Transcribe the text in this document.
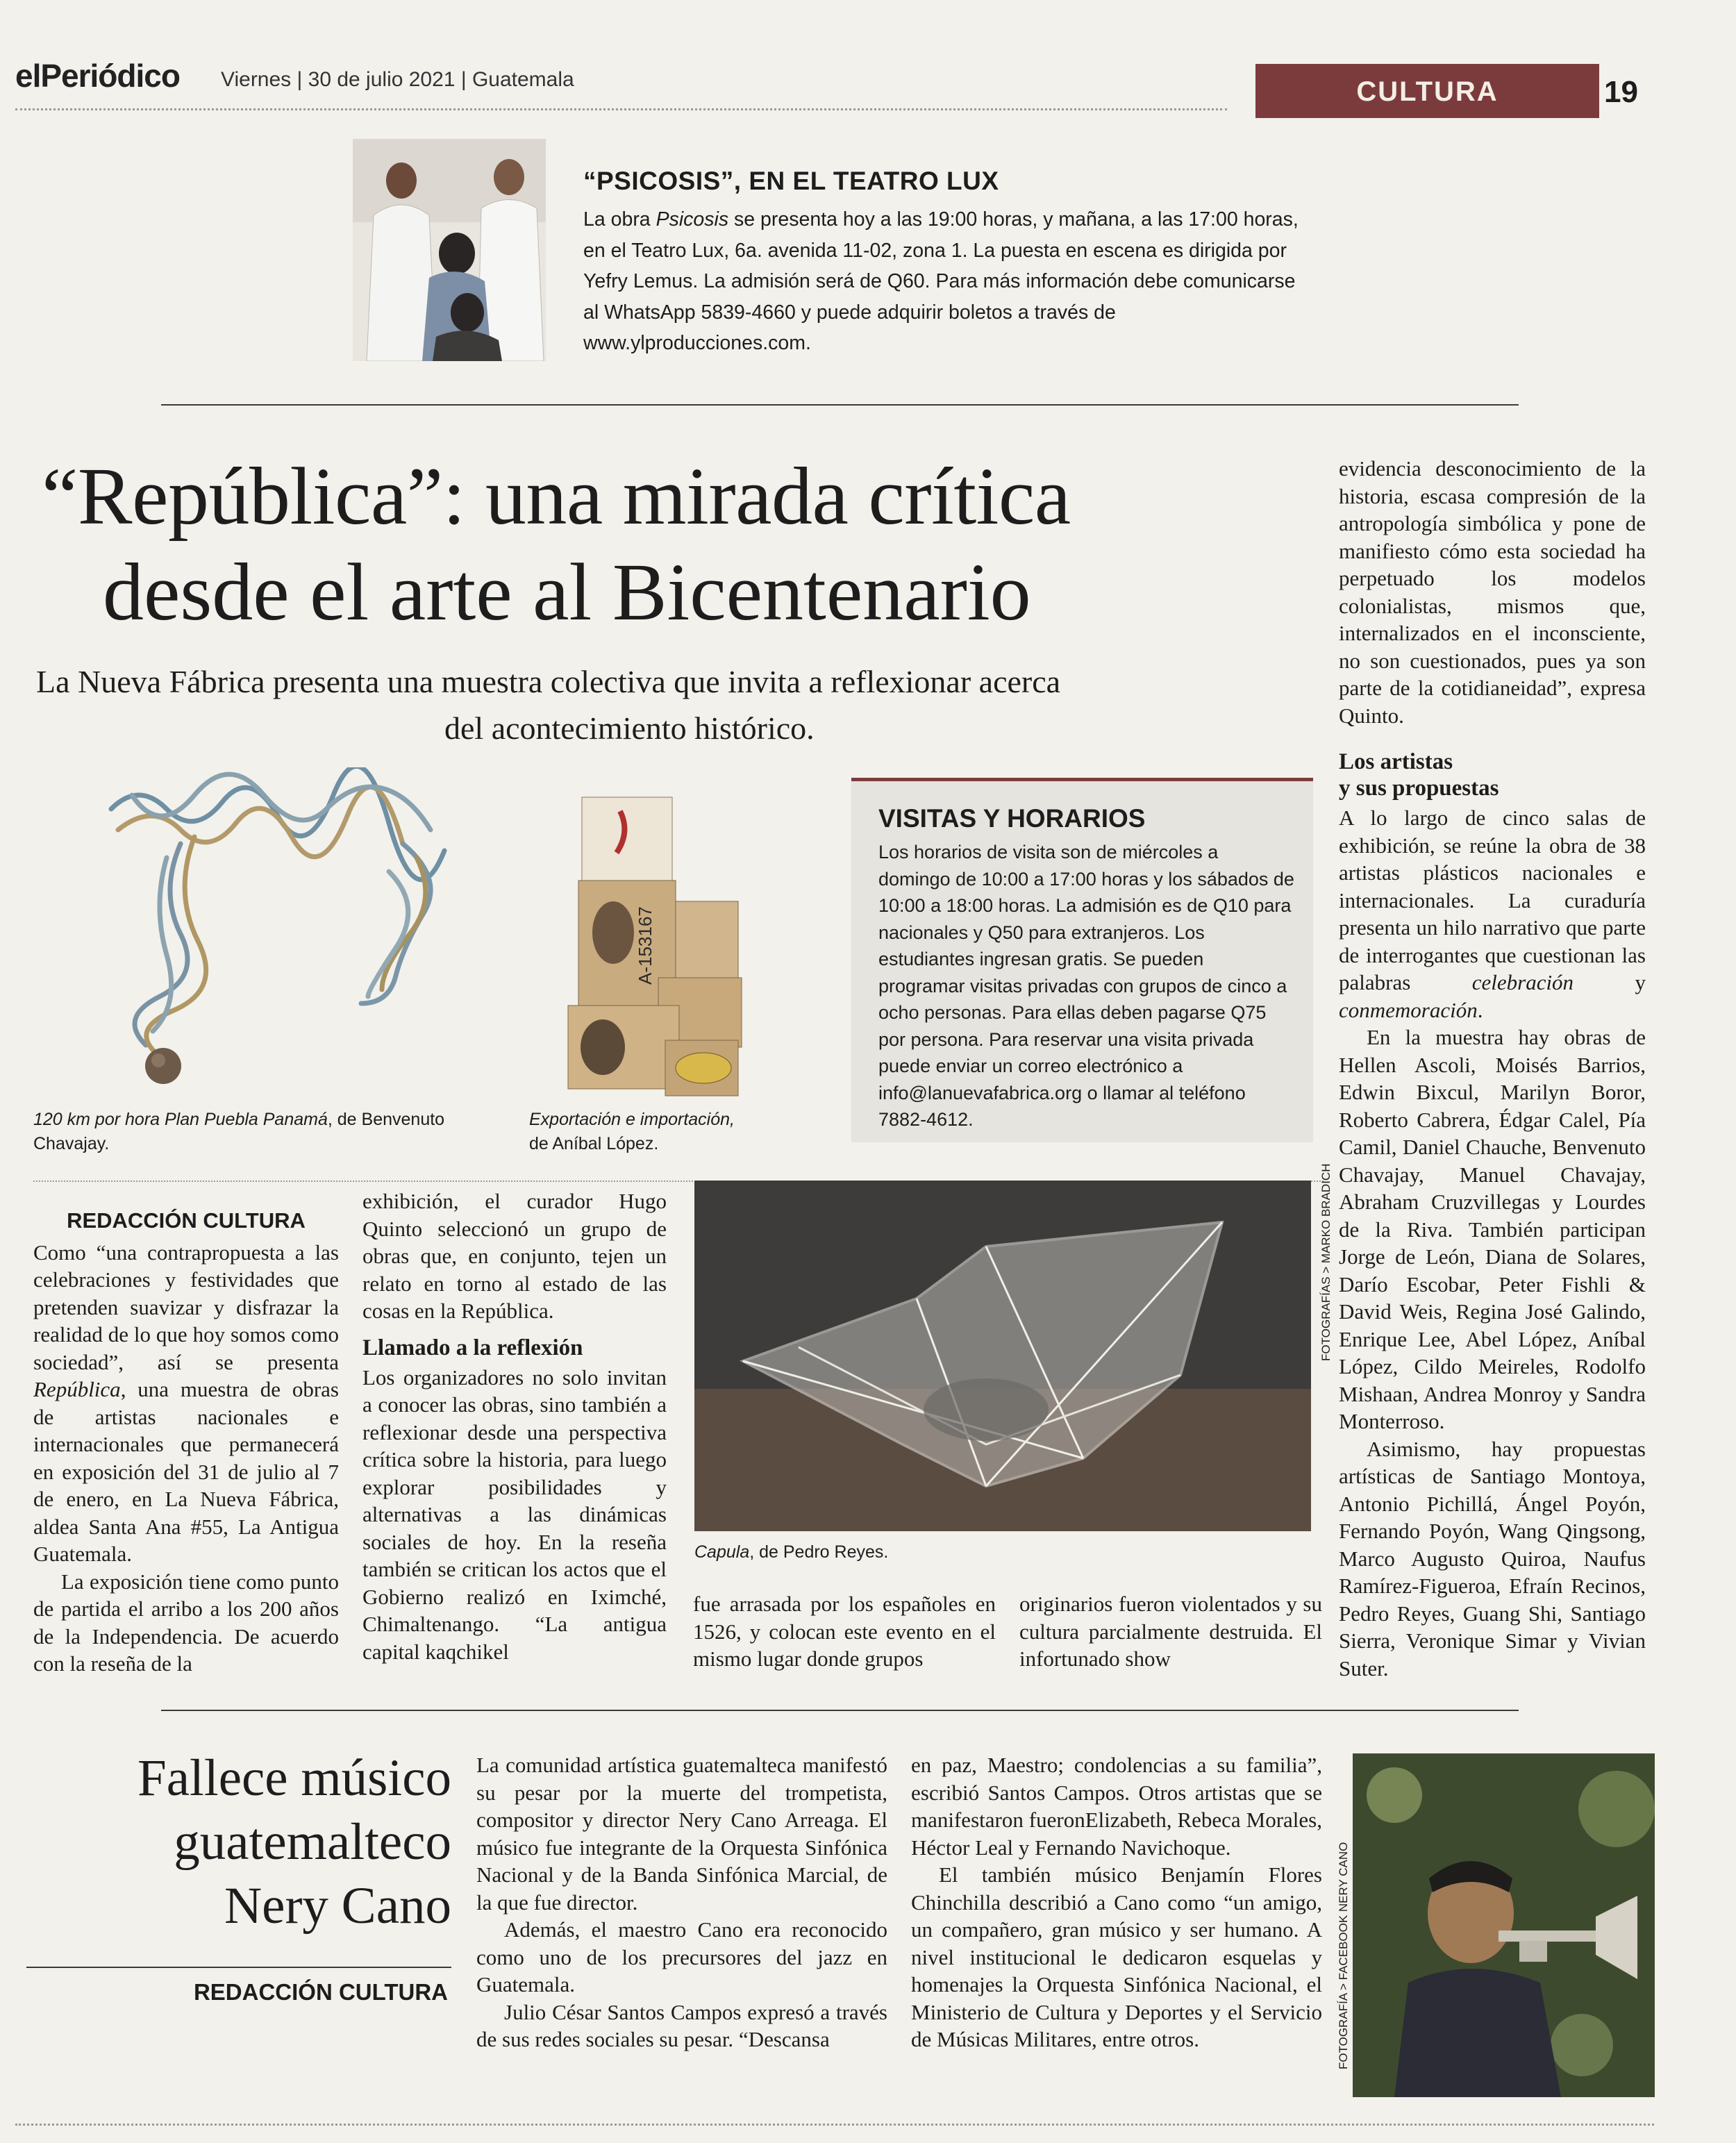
elPeriódico Viernes | 30 de julio 2021 | Guatemala	CULTURA	19
“PSICOSIS”, EN EL TEATRO LUX
La obra Psicosis se presenta hoy a las 19:00 horas, y mañana, a las 17:00 horas, en el Teatro Lux, 6a. avenida 11-02, zona 1. La puesta en escena es dirigida por Yefry Lemus. La admisión será de Q60. Para más información debe comunicarse al WhatsApp 5839-4660 y puede adquirir boletos a través de www.ylproducciones.com.
“República”: una mirada crítica
desde el arte al Bicentenario
La Nueva Fábrica presenta una muestra colectiva que invita a reflexionar acerca
del acontecimiento histórico.
A-153167
120 km por hora Plan Puebla Panamá, de Benvenuto Chavajay.
Exportación e importación,
de Aníbal López.
VISITAS Y HORARIOS
Los horarios de visita son de miércoles a domingo de 10:00 a 17:00 horas y los sábados de 10:00 a 18:00 horas. La admisión es de Q10 para nacionales y Q50 para extranjeros. Los estudiantes ingresan gratis. Se pueden programar visitas privadas con grupos de cinco a ocho personas. Para ellas deben pagarse Q75 por persona. Para reservar una visita privada puede enviar un correo electrónico a info@lanuevafabrica.org o llamar al teléfono 7882-4612.

REDACCIÓN CULTURA

Como “una contrapropuesta a las celebraciones y festividades que pretenden suavizar y disfrazar la realidad de lo que hoy somos como sociedad”, así se presenta República, una muestra de obras de artistas nacionales e internacionales que permanecerá en exposición del 31 de julio al 7 de enero, en La Nueva Fábrica, aldea Santa Ana #55, La Antigua Guatemala.

La exposición tiene como punto de partida el arribo a los 200 años de la Independencia. De acuerdo con la reseña de la

exhibición, el curador Hugo Quinto seleccionó un grupo de obras que, en conjunto, tejen un relato en torno al estado de las cosas en la República.

Llamado a la reflexión

Los organizadores no solo invitan a conocer las obras, sino también a reflexionar desde una perspectiva crítica sobre la historia, para luego explorar posibilidades y alternativas a las dinámicas sociales de hoy. En la reseña también se critican los actos que el Gobierno realizó en Iximché, Chimaltenango. “La antigua capital kaqchikel

FOTOGRAFÍAS > MARKO BRADICH
Capula, de Pedro Reyes.

fue arrasada por los españoles en 1526, y colocan este evento en el mismo lugar donde grupos

originarios fueron violentados y su cultura parcialmente destruida. El infortunado show

evidencia desconocimiento de la historia, escasa compresión de la antropología simbólica y pone de manifiesto cómo esta sociedad ha perpetuado los modelos colonialistas, mismos que, internalizados en el inconsciente, no son cuestionados, pues ya son parte de la cotidianeidad”, expresa Quinto.

Los artistas
y sus propuestas

A lo largo de cinco salas de exhibición, se reúne la obra de 38 artistas plásticos nacionales e internacionales. La curaduría presenta un hilo narrativo que parte de interrogantes que cuestionan las palabras celebración y conmemoración.

En la muestra hay obras de Hellen Ascoli, Moisés Barrios, Edwin Bixcul, Marilyn Boror, Roberto Cabrera, Édgar Calel, Pía Camil, Daniel Chauche, Benvenuto Chavajay, Manuel Chavajay, Abraham Cruzvillegas y Lourdes de la Riva. También participan Jorge de León, Diana de Solares, Darío Escobar, Peter Fishli & David Weis, Regina José Galindo, Enrique Lee, Abel López, Aníbal López, Cildo Meireles, Rodolfo Mishaan, Andrea Monroy y Sandra Monterroso.

Asimismo, hay propuestas artísticas de Santiago Montoya, Antonio Pichillá, Ángel Poyón, Fernando Poyón, Wang Qingsong, Marco Augusto Quiroa, Naufus Ramírez-Figueroa, Efraín Recinos, Pedro Reyes, Guang Shi, Santiago Sierra, Veronique Simar y Vivian Suter.

Fallece músico
guatemalteco
Nery Cano
REDACCIÓN CULTURA

La comunidad artística guatemalteca manifestó su pesar por la muerte del trompetista, compositor y director Nery Cano Arreaga. El músico fue integrante de la Orquesta Sinfónica Nacional y de la Banda Sinfónica Marcial, de la que fue director.

Además, el maestro Cano era reconocido como uno de los precursores del jazz en Guatemala.

Julio César Santos Campos expresó a través de sus redes sociales su pesar. “Descansa

en paz, Maestro; condolencias a su familia”, escribió Santos Campos. Otros artistas que se manifestaron fueronElizabeth, Rebeca Morales, Héctor Leal y Fernando Navichoque.

El también músico Benjamín Flores Chinchilla describió a Cano como “un amigo, un compañero, gran músico y ser humano. A nivel institucional le dedicaron esquelas y homenajes la Orquesta Sinfónica Nacional, el Ministerio de Cultura y Deportes y el Servicio de Músicas Militares, entre otros.	FOTOGRAFÍA > FACEBOOK NERY CANO
